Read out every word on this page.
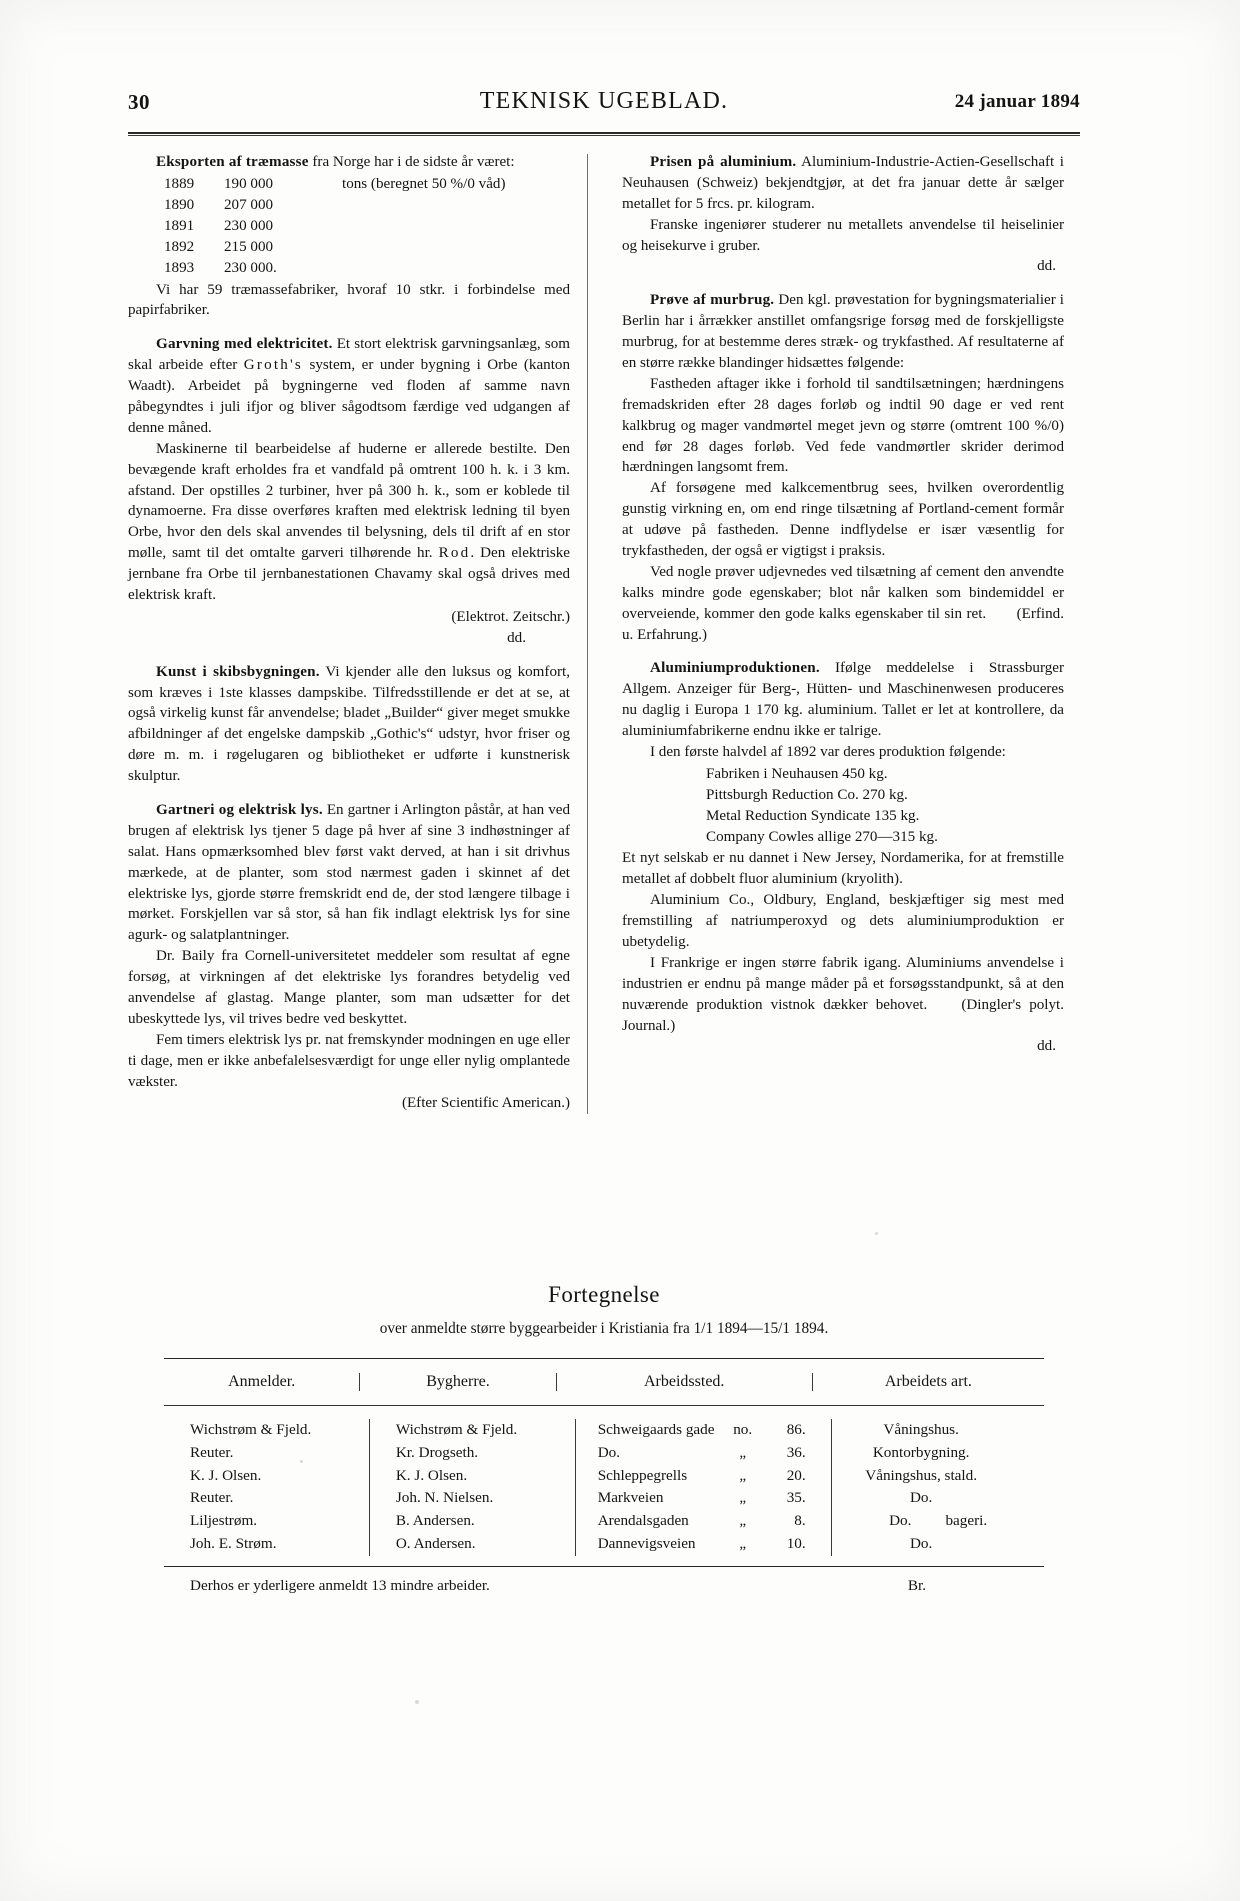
30	TEKNISK UGEBLAD.	24 januar 1894

Eksporten af træmasse fra Norge har i de sidste år været:

1889 190 000	tons (beregnet 50 %/0 våd)
1890 207 000
1891 230 000
1892 215 000
1893 230 000.

Vi har 59 træmassefabriker, hvoraf 10 stkr. i forbindelse med papirfabriker.

Garvning med elektricitet. Et stort elektrisk garvningsanlæg, som skal arbeide efter Groth's system, er under bygning i Orbe (kanton Waadt). Arbeidet på bygningerne ved floden af samme navn påbegyndtes i juli ifjor og bliver sågodtsom færdige ved udgangen af denne måned.

Maskinerne til bearbeidelse af huderne er allerede bestilte. Den bevægende kraft erholdes fra et vandfald på omtrent 100 h. k. i 3 km. afstand. Der opstilles 2 turbiner, hver på 300 h. k., som er koblede til dynamoerne. Fra disse overføres kraften med elektrisk ledning til byen Orbe, hvor den dels skal anvendes til belysning, dels til drift af en stor mølle, samt til det omtalte garveri tilhørende hr. Rod. Den elektriske jernbane fra Orbe til jernbanestationen Chavamy skal også drives med elektrisk kraft.

(Elektrot. Zeitschr.)
dd.

Kunst i skibsbygningen. Vi kjender alle den luksus og komfort, som kræves i 1ste klasses dampskibe. Tilfredsstillende er det at se, at også virkelig kunst får anvendelse; bladet „Builder“ giver meget smukke afbildninger af det engelske dampskib „Gothic's“ udstyr, hvor friser og døre m. m. i røgelugaren og bibliotheket er udførte i kunstnerisk skulptur.

Gartneri og elektrisk lys. En gartner i Arlington påstår, at han ved brugen af elektrisk lys tjener 5 dage på hver af sine 3 indhøstninger af salat. Hans opmærksomhed blev først vakt derved, at han i sit drivhus mærkede, at de planter, som stod nærmest gaden i skinnet af det elektriske lys, gjorde større fremskridt end de, der stod længere tilbage i mørket. Forskjellen var så stor, så han fik indlagt elektrisk lys for sine agurk- og salatplantninger.

Dr. Baily fra Cornell-universitetet meddeler som resultat af egne forsøg, at virkningen af det elektriske lys forandres betydelig ved anvendelse af glastag. Mange planter, som man udsætter for det ubeskyttede lys, vil trives bedre ved beskyttet.

Fem timers elektrisk lys pr. nat fremskynder modningen en uge eller ti dage, men er ikke anbefalelsesværdigt for unge eller nylig omplantede vækster.

(Efter Scientific American.)

Prisen på aluminium. Aluminium-Industrie-Actien-Gesellschaft i Neuhausen (Schweiz) bekjendtgjør, at det fra januar dette år sælger metallet for 5 frcs. pr. kilogram.

Franske ingeniører studerer nu metallets anvendelse til heiselinier og heisekurve i gruber.

dd.

Prøve af murbrug. Den kgl. prøvestation for bygningsmaterialier i Berlin har i årrækker anstillet omfangsrige forsøg med de forskjelligste murbrug, for at bestemme deres stræk- og trykfasthed. Af resultaterne af en større række blandinger hidsættes følgende:

Fastheden aftager ikke i forhold til sandtilsætningen; hærdningens fremadskriden efter 28 dages forløb og indtil 90 dage er ved rent kalkbrug og mager vandmørtel meget jevn og større (omtrent 100 %/0) end før 28 dages forløb. Ved fede vandmørtler skrider derimod hærdningen langsomt frem.

Af forsøgene med kalkcementbrug sees, hvilken overordentlig gunstig virkning en, om end ringe tilsætning af Portland-cement formår at udøve på fastheden. Denne indflydelse er især væsentlig for trykfastheden, der også er vigtigst i praksis.

Ved nogle prøver udjevnedes ved tilsætning af cement den anvendte kalks mindre gode egenskaber; blot når kalken som bindemiddel er overveiende, kommer den gode kalks egenskaber til sin ret. (Erfind. u. Erfahrung.)

Aluminiumproduktionen. Ifølge meddelelse i Strassburger Allgem. Anzeiger für Berg-, Hütten- und Maschinenwesen produceres nu daglig i Europa 1 170 kg. aluminium. Tallet er let at kontrollere, da aluminiumfabrikerne endnu ikke er talrige.

I den første halvdel af 1892 var deres produktion følgende:

Fabriken i Neuhausen 450 kg.
Pittsburgh Reduction Co. 270 kg.
Metal Reduction Syndicate 135 kg.
Company Cowles allige 270—315 kg.

Et nyt selskab er nu dannet i New Jersey, Nordamerika, for at fremstille metallet af dobbelt fluor aluminium (kryolith).

Aluminium Co., Oldbury, England, beskjæftiger sig mest med fremstilling af natriumperoxyd og dets aluminiumproduktion er ubetydelig.

I Frankrige er ingen større fabrik igang. Aluminiums anvendelse i industrien er endnu på mange måder på et forsøgsstandpunkt, så at den nuværende produktion vistnok dækker behovet. (Dingler's polyt. Journal.)

dd.
Fortegnelse
over anmeldte større byggearbeider i Kristiania fra 1/1 1894—15/1 1894.
Anmelder.	Bygherre.	Arbeidssted.	Arbeidets art.
Wichstrøm & Fjeld.	Wichstrøm & Fjeld.	Schweigaards gade	no.	86.	Våningshus.
Reuter.	Kr. Drogseth.	Do.	„	36.	Kontorbygning.
K. J. Olsen.	K. J. Olsen.	Schleppegrells	„	20.	Våningshus, stald.
Reuter.	Joh. N. Nielsen.	Markveien	„	35.	Do.
Liljestrøm.	B. Andersen.	Arendalsgaden	„	8.	Do. bageri.
Joh. E. Strøm.	O. Andersen.	Dannevigsveien	„	10.	Do.
Derhos er yderligere anmeldt 13 mindre arbeider.	Br.
